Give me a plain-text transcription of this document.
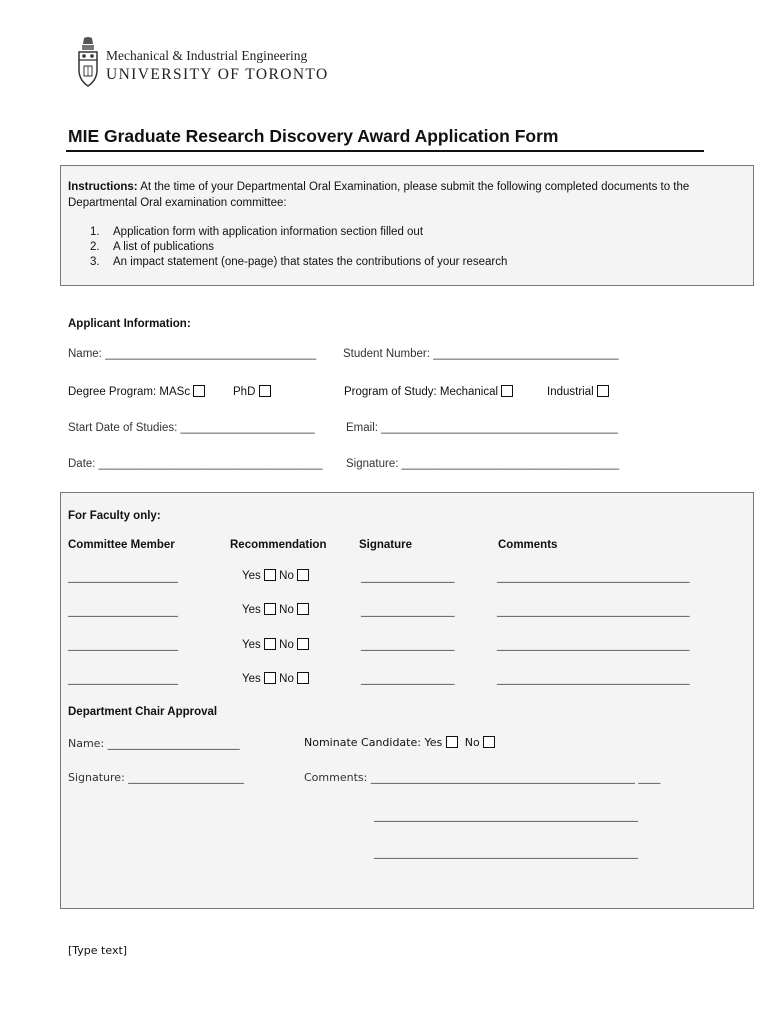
Mechanical & Industrial Engineering
UNIVERSITY OF TORONTO
MIE Graduate Research Discovery Award Application Form
Instructions: At the time of your Departmental Oral Examination, please submit the following completed documents to the Departmental Oral examination committee:
1. Application form with application information section filled out
2. A list of publications
3. An impact statement (one-page) that states the contributions of your research
Applicant Information:
Name: _________________________________ Student Number: _____________________________
Degree Program: MASc	PhD	Program of Study: Mechanical	Industrial
Start Date of Studies: _____________________	Email: _____________________________________
Date: ___________________________________ Signature: __________________________________
For Faculty only:
Committee Member	Recommendation	Signature	Comments
____________________	Yes No	_________________	___________________________________
____________________	Yes No	_________________	___________________________________
____________________	Yes No	_________________	___________________________________
____________________	Yes No	_________________	___________________________________
Department Chair Approval
Name: ________________________	Nominate Candidate: Yes No
Signature: _____________________	Comments: ________________________________________________ ____
________________________________________________
________________________________________________
[Type text]
